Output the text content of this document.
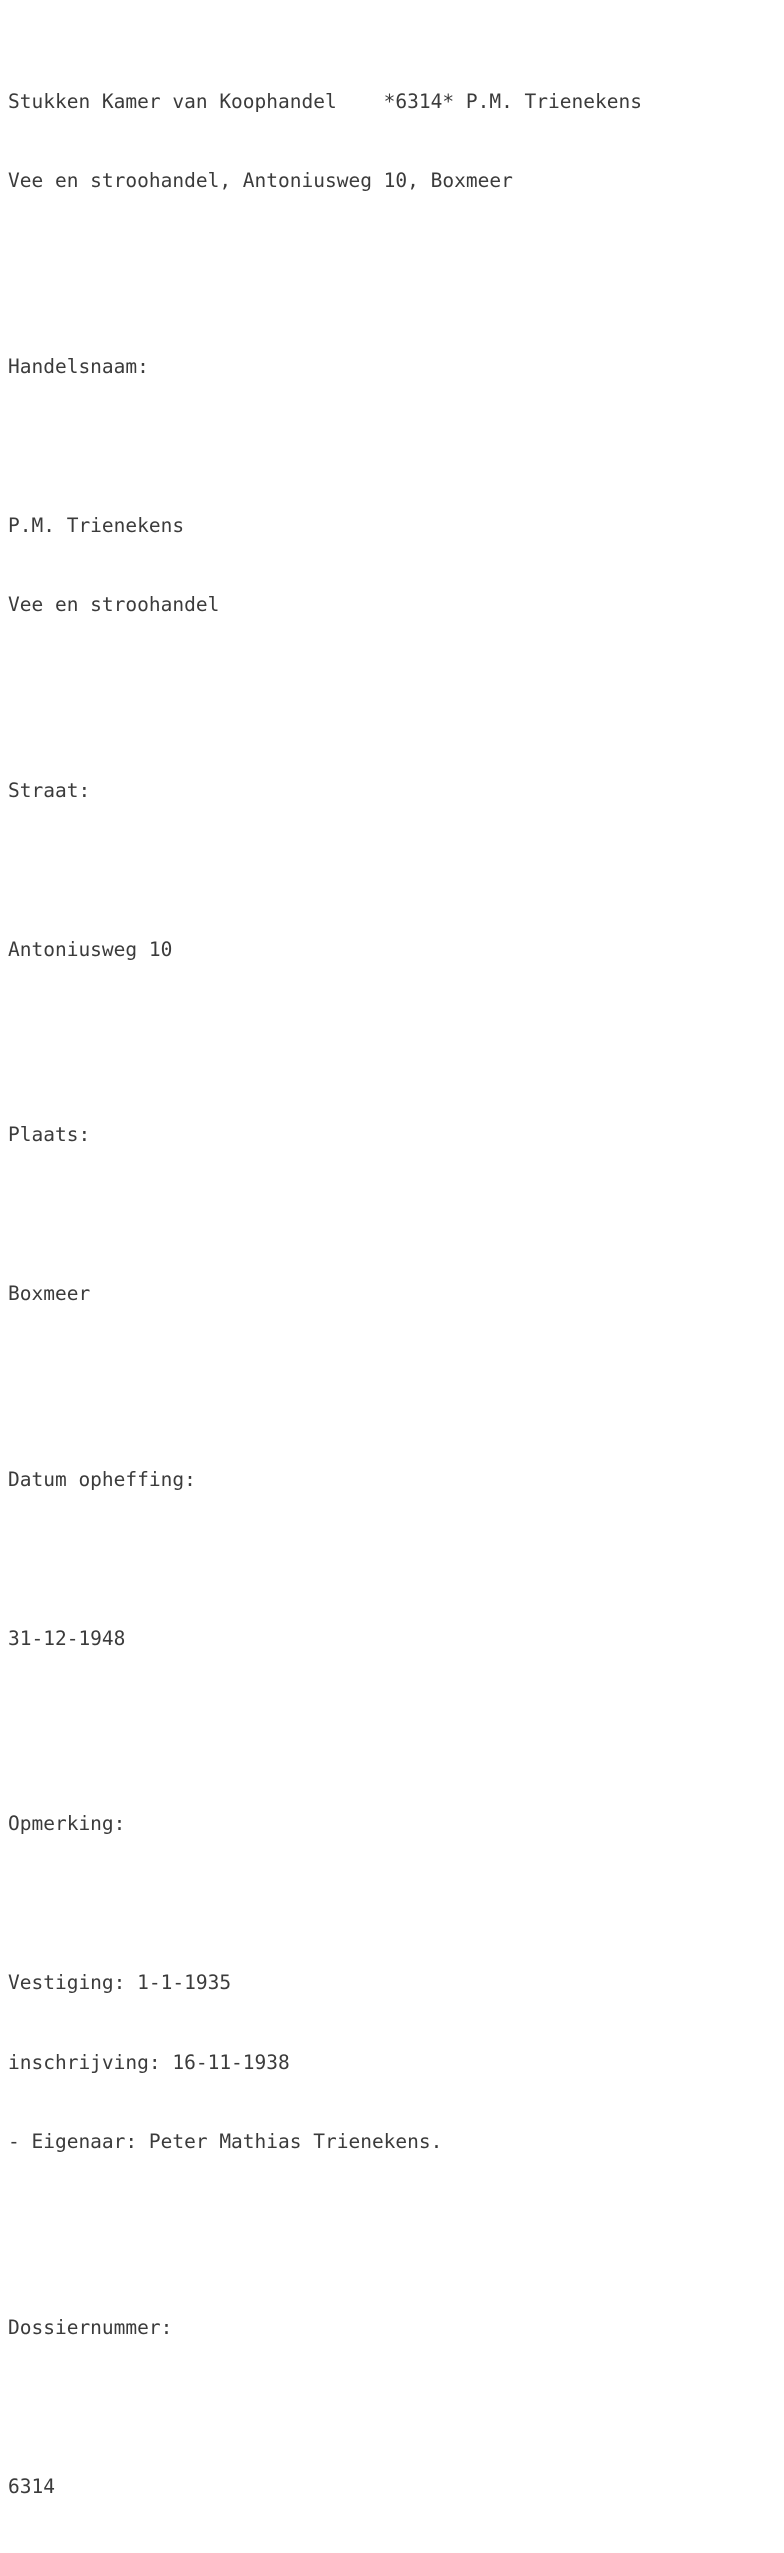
Stukken Kamer van Koophandel    *6314* P.M. Trienekens

Vee en stroohandel, Antoniusweg 10, Boxmeer

Handelsnaam:

P.M. Trienekens

Vee en stroohandel

Straat:

Antoniusweg 10

Plaats:

Boxmeer

Datum opheffing:

31-12-1948

Opmerking:

Vestiging: 1-1-1935

inschrijving: 16-11-1938

- Eigenaar: Peter Mathias Trienekens.

Dossiernummer:

6314
